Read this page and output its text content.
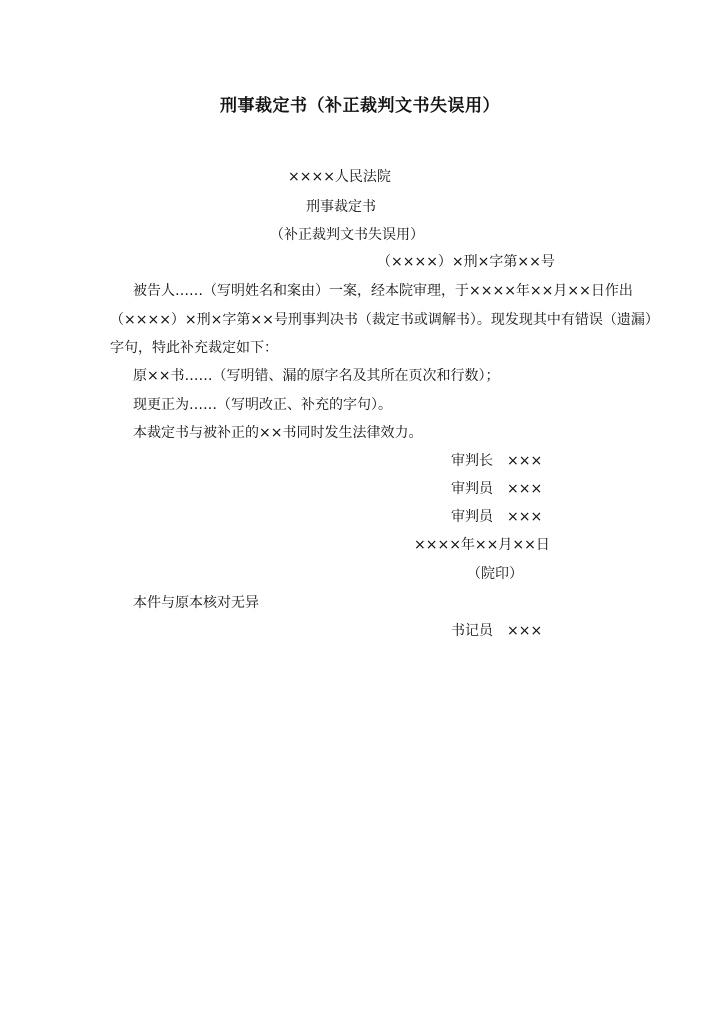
刑事裁定书（补正裁判文书失误用）
××××人民法院
刑事裁定书
（补正裁判文书失误用）
（××××）×刑×字第××号
被告人……（写明姓名和案由）一案，经本院审理，于××××年××月××日作出
（××××）×刑×字第××号刑事判决书（裁定书或调解书）。现发现其中有错误（遗漏）
字句，特此补充裁定如下：
原××书……（写明错、漏的原字名及其所在页次和行数）；
现更正为……（写明改正、补充的字句）。
本裁定书与被补正的××书同时发生法律效力。
审判长　×××
审判员　×××
审判员　×××
××××年××月××日
（院印）
本件与原本核对无异
书记员　×××
